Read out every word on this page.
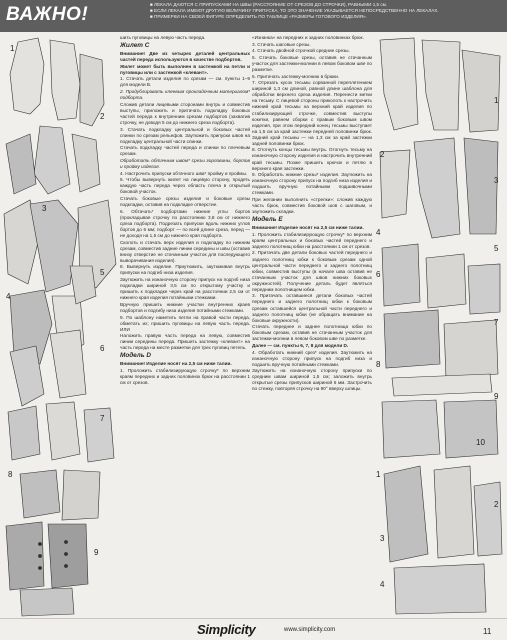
ВАЖНО!	■ ЛЕКАЛА ДАЮТСЯ С ПРИПУСКАМИ НА ШВЫ (РАССТОЯНИЕ ОТ СРЕЗОВ ДО СТРОЧКИ), РАВНЫМИ 1,5 см.
■ ЕСЛИ ЛЕКАЛА ИМЕЮТ ДРУГУЮ ВЕЛИЧИНУ ПРИПУСКА, ТО ЭТО ЗНАЧЕНИЕ УКАЗЫВАЕТСЯ НЕПОСРЕДСТВЕННО НА ЛЕКАЛАХ.
■ ПРИМЕРКИ НА СВОЕЙ ФИГУРЕ ОПРЕДЕЛИТЬ ПО ТАБЛИЦЕ «РАЗМЕРЫ ГОТОВОГО ИЗДЕЛИЯ».
1
2
3
4
5
6
7
8
9

шить пуговицы на левую часть переда.

Жилет С

Внимание! Две из четырех деталей центральных частей переда используются в качестве подбортов.

Жилет может быть выполнен в застежкой на петли и пуговицы или с застежкой «клевант».

1. Стачать детали изделия по срезам — см. пункты 1–9 для модели В.

2. Продублировать клеевым прокладочным материалом* подборта.

Сложив детали лицевыми сторонами внутрь и совместив выступы, приложить и притачать подкладку боковых частей переда к внутренним срезам подбортов (захватив строчку, не доводя 5 см до нижнего среза подборта).

3. Стачать подкладку центральной и боковых частей спинки по срезам рельефов. Заутюжить припуски швов на подкладку центральной части спинки.

Стачать подкладку частей переда и спинки по плечевым срезам.

Обработать обтачным швом* срезы горловины, бортов и пройму изделия.

4. Настрочить припуски обтачного шва* пройму и проймы.

5. Чтобы вывернуть жилет на лицевую сторону, продеть каждую часть переда через область плеча в открытый боковой участок.

Стачать боковые срезы изделия и боковые срезы подкладки, оставив на подкладке отверстие.

6. Обтачать* подбортами нижние углы бортов (прокладывая строчку по расстоянию 3,8 см от нижнего среза подборта). Подрезать припуски вдоль нижних углов бортов до 6 мм; подборт — по всей длине среза, перед — не доходя на 1,5 см до нижнего края подборта.

Сколоть и стачать верх изделия и подкладку по нижним срезам, совместив задние линии середины и швы (оставив внизу отверстие не стачанным участок для последующего выворачивания изделия).

8. Вывернуть изделие. Приутюжить, заутюживая внутрь припуски на подгиб низа изделия.

Заутюжить на изнаночную сторону припуск на подгиб низа подкладки шириной 3,5 см по открытому участку и пришить к подкладке через край на расстоянии 2,5 см от нижнего края изделия потайными стежками.

Вручную пришить нижние участки внутренних краев подбортов и подгибу низа изделия потайными стежками.

9. По шаблону наметить петли на правой части переда, обметать их; пришить пуговицы на левую часть переда. ИЛИ

Наложить правую часть переда на левую, совместив линии середины переда. Пришить застежку «клевант» на часть переда на месте разметки для трех пуговиц петель.

Модель D

Внимание! Изделие носят на 2,5 см ниже талии.

1. Проложить стабилизирующую строчку* по верхним краям передних и задних половинок брюк на расстоянии 1 см от срезов.

«Изнанка» на передних и задних половинках брюк.

3. Стачать шаговые срезы.

4. Стачать двойной строчкой средние срезы.

5. Стачать боковые срезы, оставив не стачанным участок для застежки-молнии в левом боковом шве по разметке.

6. Притачать застежку-молнию в брюки.

7. Отрезать кусок тесьмы сорванной переплетением шириной 1,3 см длиной, равной длине шаблона для обработки верхнего среза изделия. Перенести метки на тесьму. С лицевой стороны приколоть к настрочить нижний край тесьмы на верхний край изделия по стабилизирующей строчке, совместив выступы кокетки, равнем сборки с правым боковым швом изделия, при этом передний конец тесьмы выступает на 1,5 см за край застежки передней половинки брюк. Задний край тесьмы — на 1,3 см за край застежки задней половинки брюк.

8. Отогнуть концы тесьмы внутрь. Отогнуть тесьму на изнаночную сторону изделия и настрочить внутренний край тесьмы. Позже пришить крючок и петлю в верхнего края застежки.

9. Обработать нижние срезы* изделия. Заутюжить на изнаночную сторону припуск на подгиб низа изделия и подшить вручную потайными подшивочными стежками.

При желании выполнить «стрелки»: сложив каждую часть брюк, совместив боковой шов с шаговым, и заутюжить складки.

Модель E

Внимание! Изделие носят на 2,5 см ниже талии.

1. Проложить стабилизирующую строчку* по верхним краям центральных и боковых частей переднего и заднего полотнищ юбки на расстоянии 1 см от срезов.

2. Притачать две детали боковых частей переднего и заднего полотнищ юбки к боковым срезам одной центральной части переднего и заднего полотнищ юбки, совместив выступы (в начале шва оставив не стачанным участок для швов нижних боковых окружностей). Получение деталь будет являться передним полотнищем юбки.

3. Притачать оставшиеся детали боковых частей переднего и заднего полотнищ юбки к боковым срезам оставшейся центральной части переднего и заднего полотнищ юбки (не обращать внимание на боковые окружности).

Стачать переднее и заднее полотнища юбки по боковым срезам, оставив не стачанным участок для застежки-молнии в левом боковом шве по разметке.

Далее — см. пункты 6, 7, 8 для модели D.

4. Обработать нижний срез* изделия. Заутюжить на изнаночную сторону припуск на подгиб низа и подшить вручную потайными стежками.

Заутюжить на изнаночную сторону припуски по средним швам шириной 1,5 см; заложить внутрь открытые срезы припусков шириной 6 мм. Застрочить по стежку, повторяя строчку на 90° вверху шлицы.

1
2
3
4
5
6
7
8
9
10
1
2
3
4
Simplicity	www.simplicity.com	11
